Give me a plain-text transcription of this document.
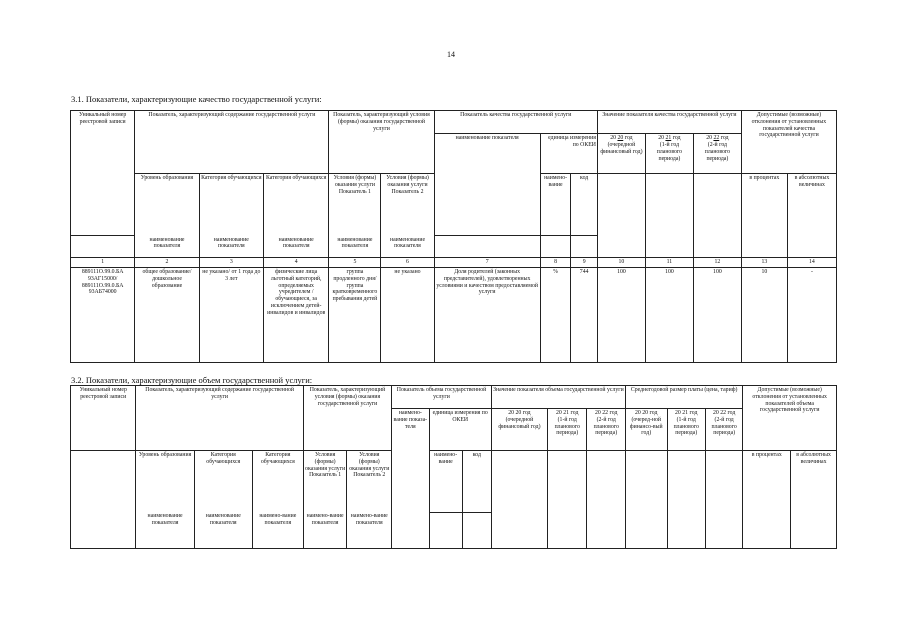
14
3.1. Показатели, характеризующие качество государственной услуги:
Уникальный номер реестровой записи	Показатель, характеризующий содержание государственной услуги			Показатель, характеризующий условия (формы) оказания государственной услуги		Показатель качества государственной услуги			Значение показателя качества государственной услуги			Допустимые (возможные) отклонения от установленных показателей качества государственной услуги	
						наименование показателя	единица измерения по ОКЕИ		20 20 год
(очередной финансовый год)	20 21 год
(1-й год планового периода)	20 22 год
(2-й год планового периода)		
	Уровень образования	Категория обучающихся	Категория обучающихся	Условия (формы) оказания услуги Показатель 1	Условия (формы) оказания услуги Показатель 2		наимено-вание	код				в процентах	в абсолютных величинах
	наименование показателя	наименование показателя	наименование показателя	наименование показателя	наименование показателя								
1	2	3	4	5	6	7	8	9	10	11	12	13	14
889111О.99.0.БА 93АГ15000/ 889111О.99.0.БА 93АБ74000	общее образование/ дошкольное образование	не указано/ от 1 года до 3 лет	физические лица льготный категорий, определяемых учредителем / обучающиеся, за исключением детей-инвалидов и инвалидов	группа продленного дня/ группа кратковременного пребывания детей	не указано	Доля родителей (законных представителей), удовлетворенных условиями и качеством предоставляемой услуги	%	744	100	100	100	10	-
3.2. Показатели, характеризующие объем государственной услуги:
Уникальный номер реестровой записи	Показатель, характеризующий содержание государственной услуги			Показатель, характеризующий условия (формы) оказания государственной услуги		Показатель объема государственной услуги			Значение показателя объема государственной услуги			Среднегодовой размер платы (цена, тариф)			Допустимые (возможные) отклонения от установленных показателей объема государственной услуги	
						наимено-вание показа-теля	единица измерения по ОКЕИ		20 20 год
(очередной финансовый год)	20 21 год
(1-й год планового периода)	20 22 год
(2-й год планового периода)	20 20 год
(очеред-ной финансо-вый год)	20 21 год
(1-й год планового периода)	20 22 год
(2-й год планового периода)		
	Уровень образования	Категория обучающихся	Категория обучающихся	Условия (формы) оказания услуги Показатель 1	Условия (формы) оказания услуги Показатель 2		наимено-вание	код							в процентах	в абсолютных величинах
	наименование показателя	наименование показателя	наимено-вание показателя	наимено-вание показателя	наимено-вание показателя											
